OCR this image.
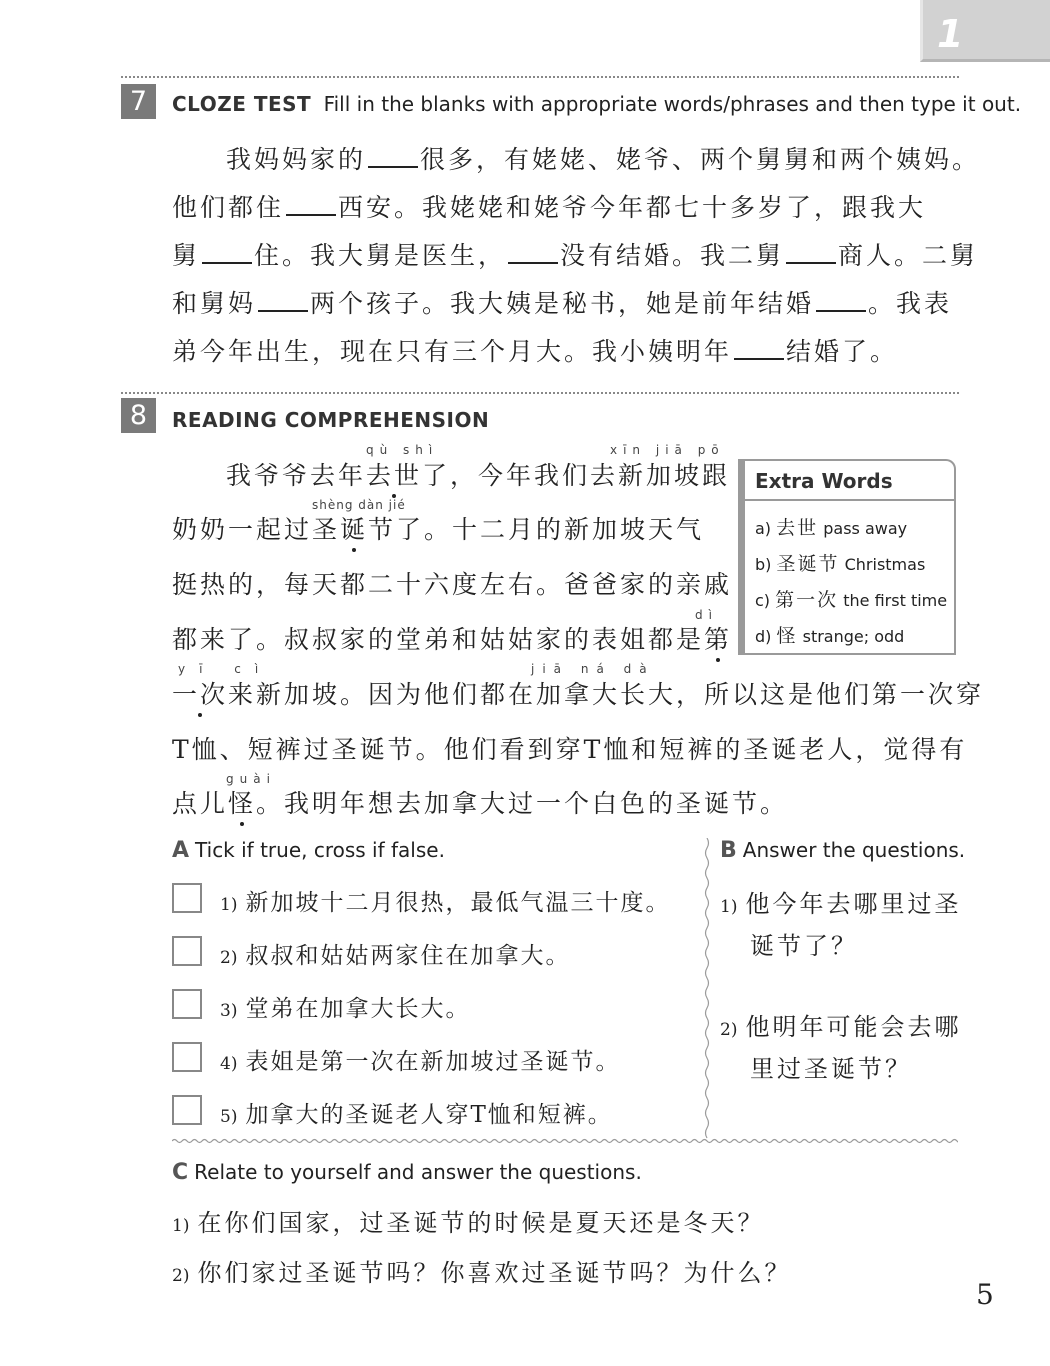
1
7	CLOZE TEST Fill in the blanks with appropriate words/phrases and then type it out.
我妈妈家的 很多，有姥姥、姥爷、两个舅舅和两个姨妈。
他们都住 西安。我姥姥和姥爷今年都七十多岁了，跟我大
舅 住。我大舅是医生， 没有结婚。我二舅 商人。二舅
和舅妈 两个孩子。我大姨是秘书，她是前年结婚 。我表
弟今年出生，现在只有三个月大。我小姨明年 结婚了。
8	READING COMPREHENSION
qù shì	xīn jiā pō
shèng dàn jié
dì
yī cì	jiā ná dà
guài
我爷爷去年去世了，今年我们去新加坡跟
奶奶一起过圣诞节了。十二月的新加坡天气
挺热的，每天都二十六度左右。爸爸家的亲戚
都来了。叔叔家的堂弟和姑姑家的表姐都是第
一次来新加坡。因为他们都在加拿大长大，所以这是他们第一次穿
T恤、短裤过圣诞节。他们看到穿T恤和短裤的圣诞老人，觉得有
点儿怪。我明年想去加拿大过一个白色的圣诞节。
Extra Words
a) 去世 pass away
b) 圣诞节 Christmas
c) 第一次 the first time
d) 怪 strange; odd
A Tick if true, cross if false.
1) 新加坡十二月很热，最低气温三十度。
2) 叔叔和姑姑两家住在加拿大。
3) 堂弟在加拿大长大。
4) 表姐是第一次在新加坡过圣诞节。
5) 加拿大的圣诞老人穿T恤和短裤。
B Answer the questions.
1) 他今年去哪里过圣
诞节了？
2) 他明年可能会去哪
里过圣诞节？
C Relate to yourself and answer the questions.
1) 在你们国家，过圣诞节的时候是夏天还是冬天？
2) 你们家过圣诞节吗？你喜欢过圣诞节吗？为什么？
5
